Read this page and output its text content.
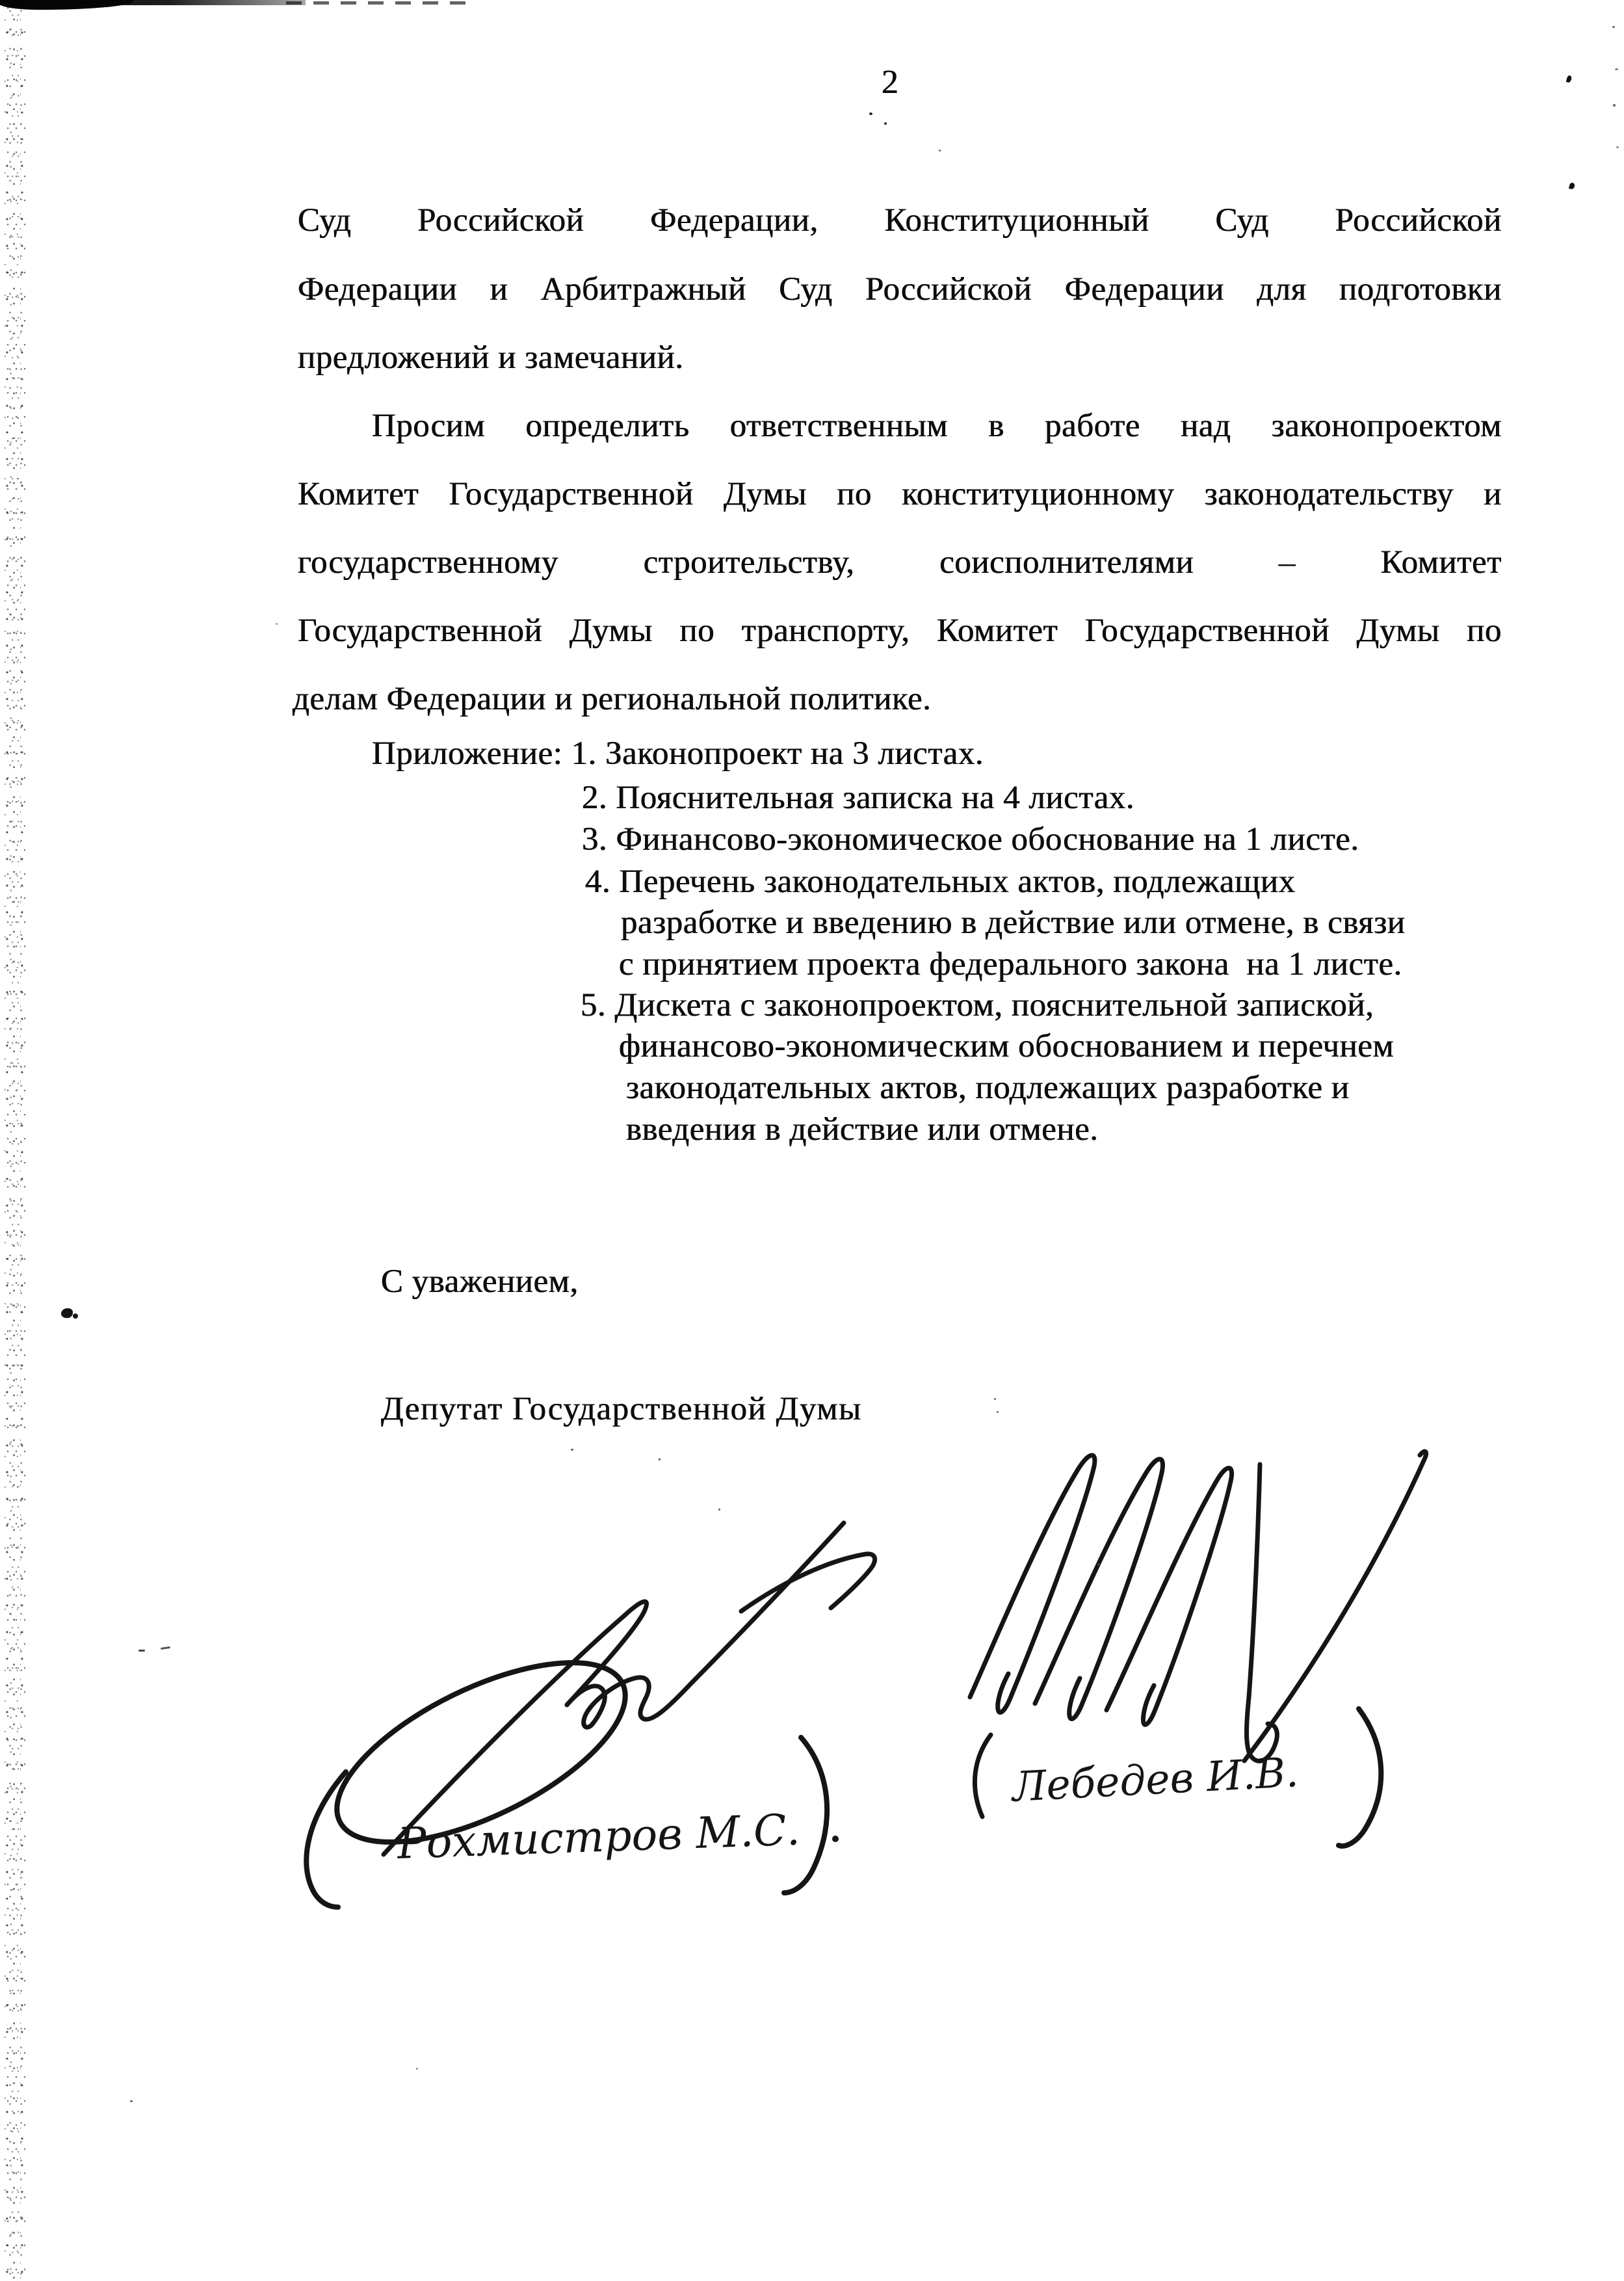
2
Суд Российской Федерации, Конституционный Суд Российской
Федерации и Арбитражный Суд Российской Федерации для подготовки
предложений и замечаний.
Просим определить ответственным в работе над законопроектом
Комитет Государственной Думы по конституционному законодательству и
государственному строительству, соисполнителями – Комитет
Государственной Думы по транспорту, Комитет Государственной Думы по
делам Федерации и региональной политике.
Приложение: 1. Законопроект на 3 листах.
2. Пояснительная записка на 4 листах.
3. Финансово-экономическое обоснование на 1 листе.
4. Перечень законодательных актов, подлежащих
разработке и введению в действие или отмене, в связи
с принятием проекта федерального закона  на 1 листе.
5. Дискета с законопроектом, пояснительной запиской,
финансово-экономическим обоснованием и перечнем
законодательных актов, подлежащих разработке и
введения в действие или отмене.
С уважением,
Депутат Государственной Думы
Рохмистров М.С.
Лебедев И.В.
